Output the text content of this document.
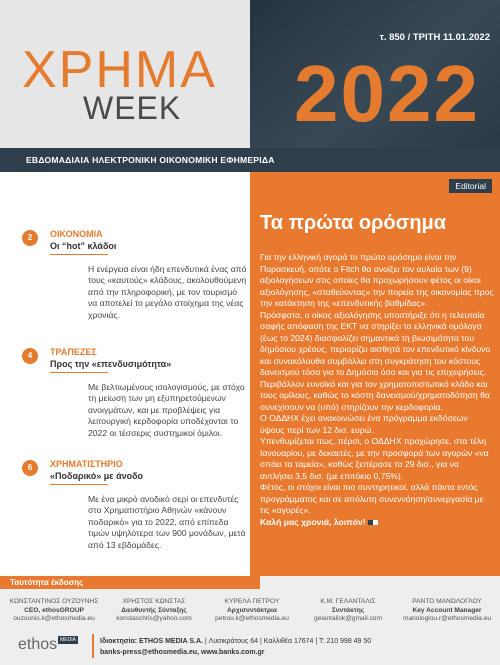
ΧΡΗΜΑ
WEEK
τ. 850 / ΤΡΙΤΗ 11.01.2022
2022
ΕΒΔΟΜΑΔΙΑΙΑ ΗΛΕΚΤΡΟΝΙΚΗ ΟΙΚΟΝΟΜΙΚΗ ΕΦΗΜΕΡΙΔΑ
2	ΟΙΚΟΝΟΜΙΑ
Οι “hot” κλάδοι
Η ενέργεια είναι ήδη επενδυτικά ένας από τους «καυτούς» κλάδους, ακολουθούμενη από την πληροφορική, με τον τουρισμό να αποτελεί το μεγάλο στοίχημα της νέας χρονιάς.
4	ΤΡΑΠΕΖΕΣ
Προς την «επενδυσιμότητα»
Με βελτιωμένους ισολογισμούς, με στόχο τη μείωση των μη εξυπηρετούμενων ανοιγμάτων, και με προβλέψεις για λειτουργική κερδοφορία υποδέχονται το 2022 οι τέσσερις συστημικοί όμιλοι.
6	ΧΡΗΜΑΤΙΣΤΗΡΙΟ
«Ποδαρικό» με άνοδο
Με ένα μικρό ανοδικό σερί οι επενδυτές στο Χρηματιστήριο Αθηνών «κάνουν ποδαρικό» για το 2022, από επίπεδα τιμών υψηλότερα των 900 μονάδων, μετά από 13 εβδομάδες.
Editorial
Τα πρώτα ορόσημα

Για την ελληνική αγορά το πρώτο ορόσημο είναι την Παρασκευή, οπότε ο Fitch θα ανοίξει τον αυλαία των (9) αξιολογήσεων στις οποίες θα προχωρήσουν φέτος οι οίκοι αξιολόγησης, «σταθεύοντας» την πορεία της οικονομίας προς την κατάκτηση της «επενδυτικής βαθμίδας».

Πρόσφατα, ο οίκος αξιολόγησης υποστήριξε ότι η τελευταία σαφής απόφαση της ΕΚΤ να στηρίξει τα ελληνικά ομόλογα (έως το 2024) διασφαλίζει σημαντικά τη βιωσιμότητα του δημόσιου χρέους, περιορίζει αισθητά τον επενδυτικό κίνδυνο και συνακόλουθα συμβάλλει στη συγκράτηση του κόστους δανεισμού τόσο για το Δημόσιο όσο και για τις επιχειρήσεις.

Περιβάλλον ευνοϊκό και για τον χρηματοπιστωτικό κλάδο και τους ομίλους, καθώς το κόστη δανεισμού/χρηματοδότηση θα συνεχίσουν να (υπό) στηρίζουν την κερδοφορία.

Ο ΟΔΔΗΧ έχει ανακοινώσει ένα πρόγραμμα εκδόσεων ύψους περί των 12 δισ. ευρώ.

Υπενθυμίζεται πως, πέρσι, ο ΟΔΔΗΧ προχώρησε, στα τέλη Ιανουαρίου, με δεκαετές, με την προσφορά των αγορών «να σπάει τα ταμεία», καθώς ξεπέρασε τα 29 δισ., για να αντλήσει 3,5 δισ. (με επιτόκιο 0,75%).

Φέτος, οι στόχοι είναι πιο συντηρητικοί, αλλά πάντα εντός προγράμματος και σε απόλυτη συνεννόηση/συνεργασία με τις «αγορές».

Καλή μας χρονιά, λοιπόν!

Ταυτότητα έκδοσης
ΚΩΝΣΤΑΝΤΙΝΟΣ ΟΥΖΟΥΝΗΣ
CEO, ethosGROUP
ouzounis.k@ethosmedia.eu
ΧΡΗΣΤΟΣ ΚΩΝΣΤΑΣ
Διευθυντής Σύνταξης
konstaschris@yahoo.com
ΚΥΡΕΛΑ ΠΕΤΡΟΥ
Αρχισυντάκτρια
petrou.k@ethosmedia.eu
Κ.Μ. ΓΕΛΑΝΤΑΛΙΣ
Συντάκτης
gelantalisk@gmail.com
ΡΑΝΤΟ ΜΑΝΩΛΟΓΛΟΥ
Key Account Manager
manologlou.r@ethosmedia.eu
ethos MEDIA	Ιδιοκτησία: ETHOS MEDIA S.A. | Λυσικράτους 64 | Καλλιθέα 17674 | Τ: 210 998 49 50
banks-press@ethosmedia.eu, www.banks.com.gr
